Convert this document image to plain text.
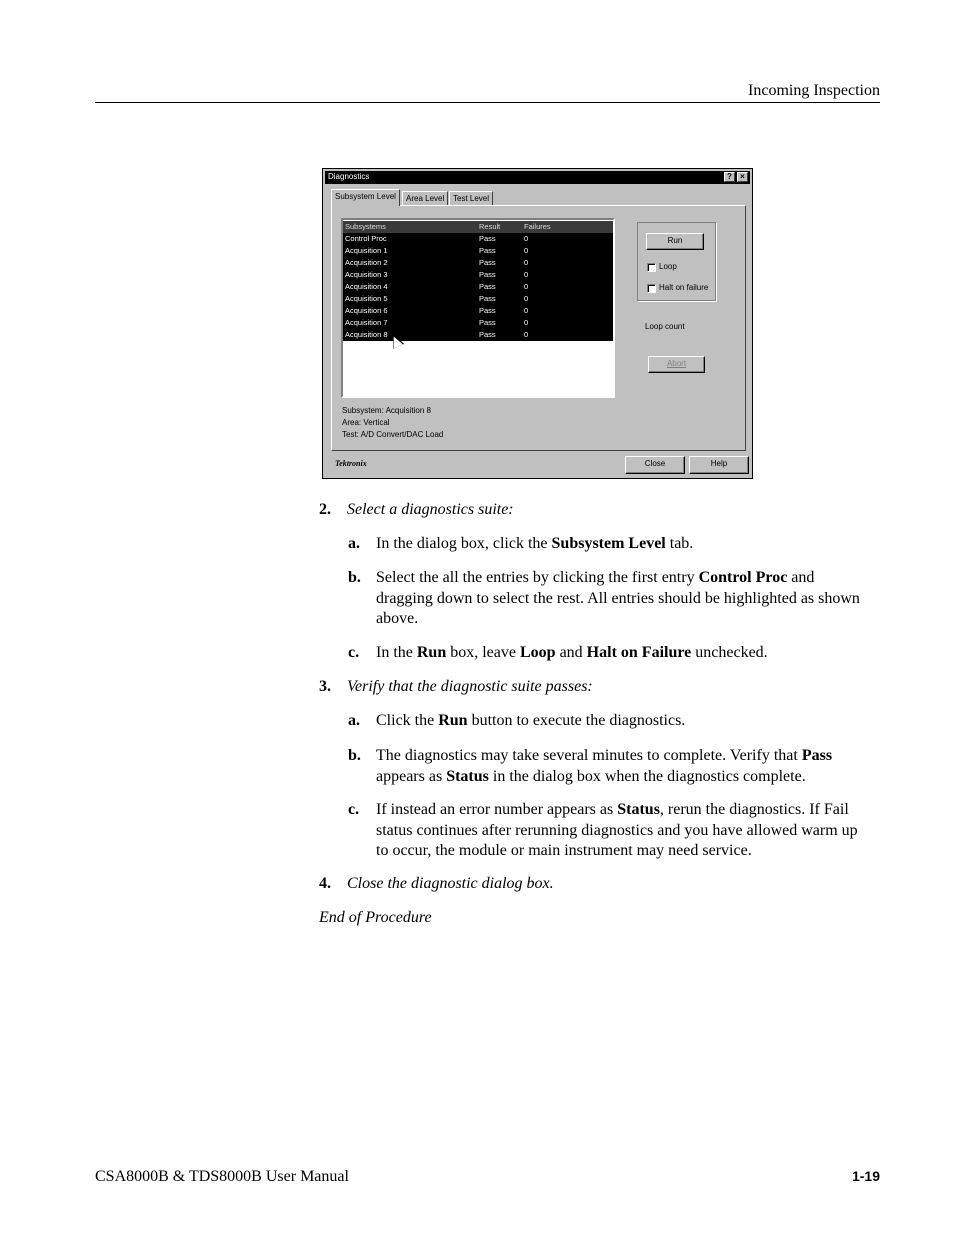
Incoming Inspection
Diagnostics	?	×
Subsystem Level	Area Level	Test Level
Subsystems	Result	Failures
Control Proc	Pass	0
Acquisition 1	Pass	0
Acquisition 2	Pass	0
Acquisition 3	Pass	0
Acquisition 4	Pass	0
Acquisition 5	Pass	0
Acquisition 6	Pass	0
Acquisition 7	Pass	0
Acquisition 8	Pass	0
Subsystem: Acquisition 8
Area: Vertical
Test: A/D Convert/DAC Load
Run
Loop
Halt on failure
Loop count
Abort
Tektronix	Close	Help
2. Select a diagnostics suite:
a. In the dialog box, click the Subsystem Level tab.
b. Select the all the entries by clicking the first entry Control Proc and dragging down to select the rest. All entries should be highlighted as shown above.
c. In the Run box, leave Loop and Halt on Failure unchecked.
3. Verify that the diagnostic suite passes:
a. Click the Run button to execute the diagnostics.
b. The diagnostics may take several minutes to complete. Verify that Pass appears as Status in the dialog box when the diagnostics complete.
c. If instead an error number appears as Status, rerun the diagnostics. If Fail status continues after rerunning diagnostics and you have allowed warm up to occur, the module or main instrument may need service.
4. Close the diagnostic dialog box.
End of Procedure
CSA8000B & TDS8000B User Manual	1-19
